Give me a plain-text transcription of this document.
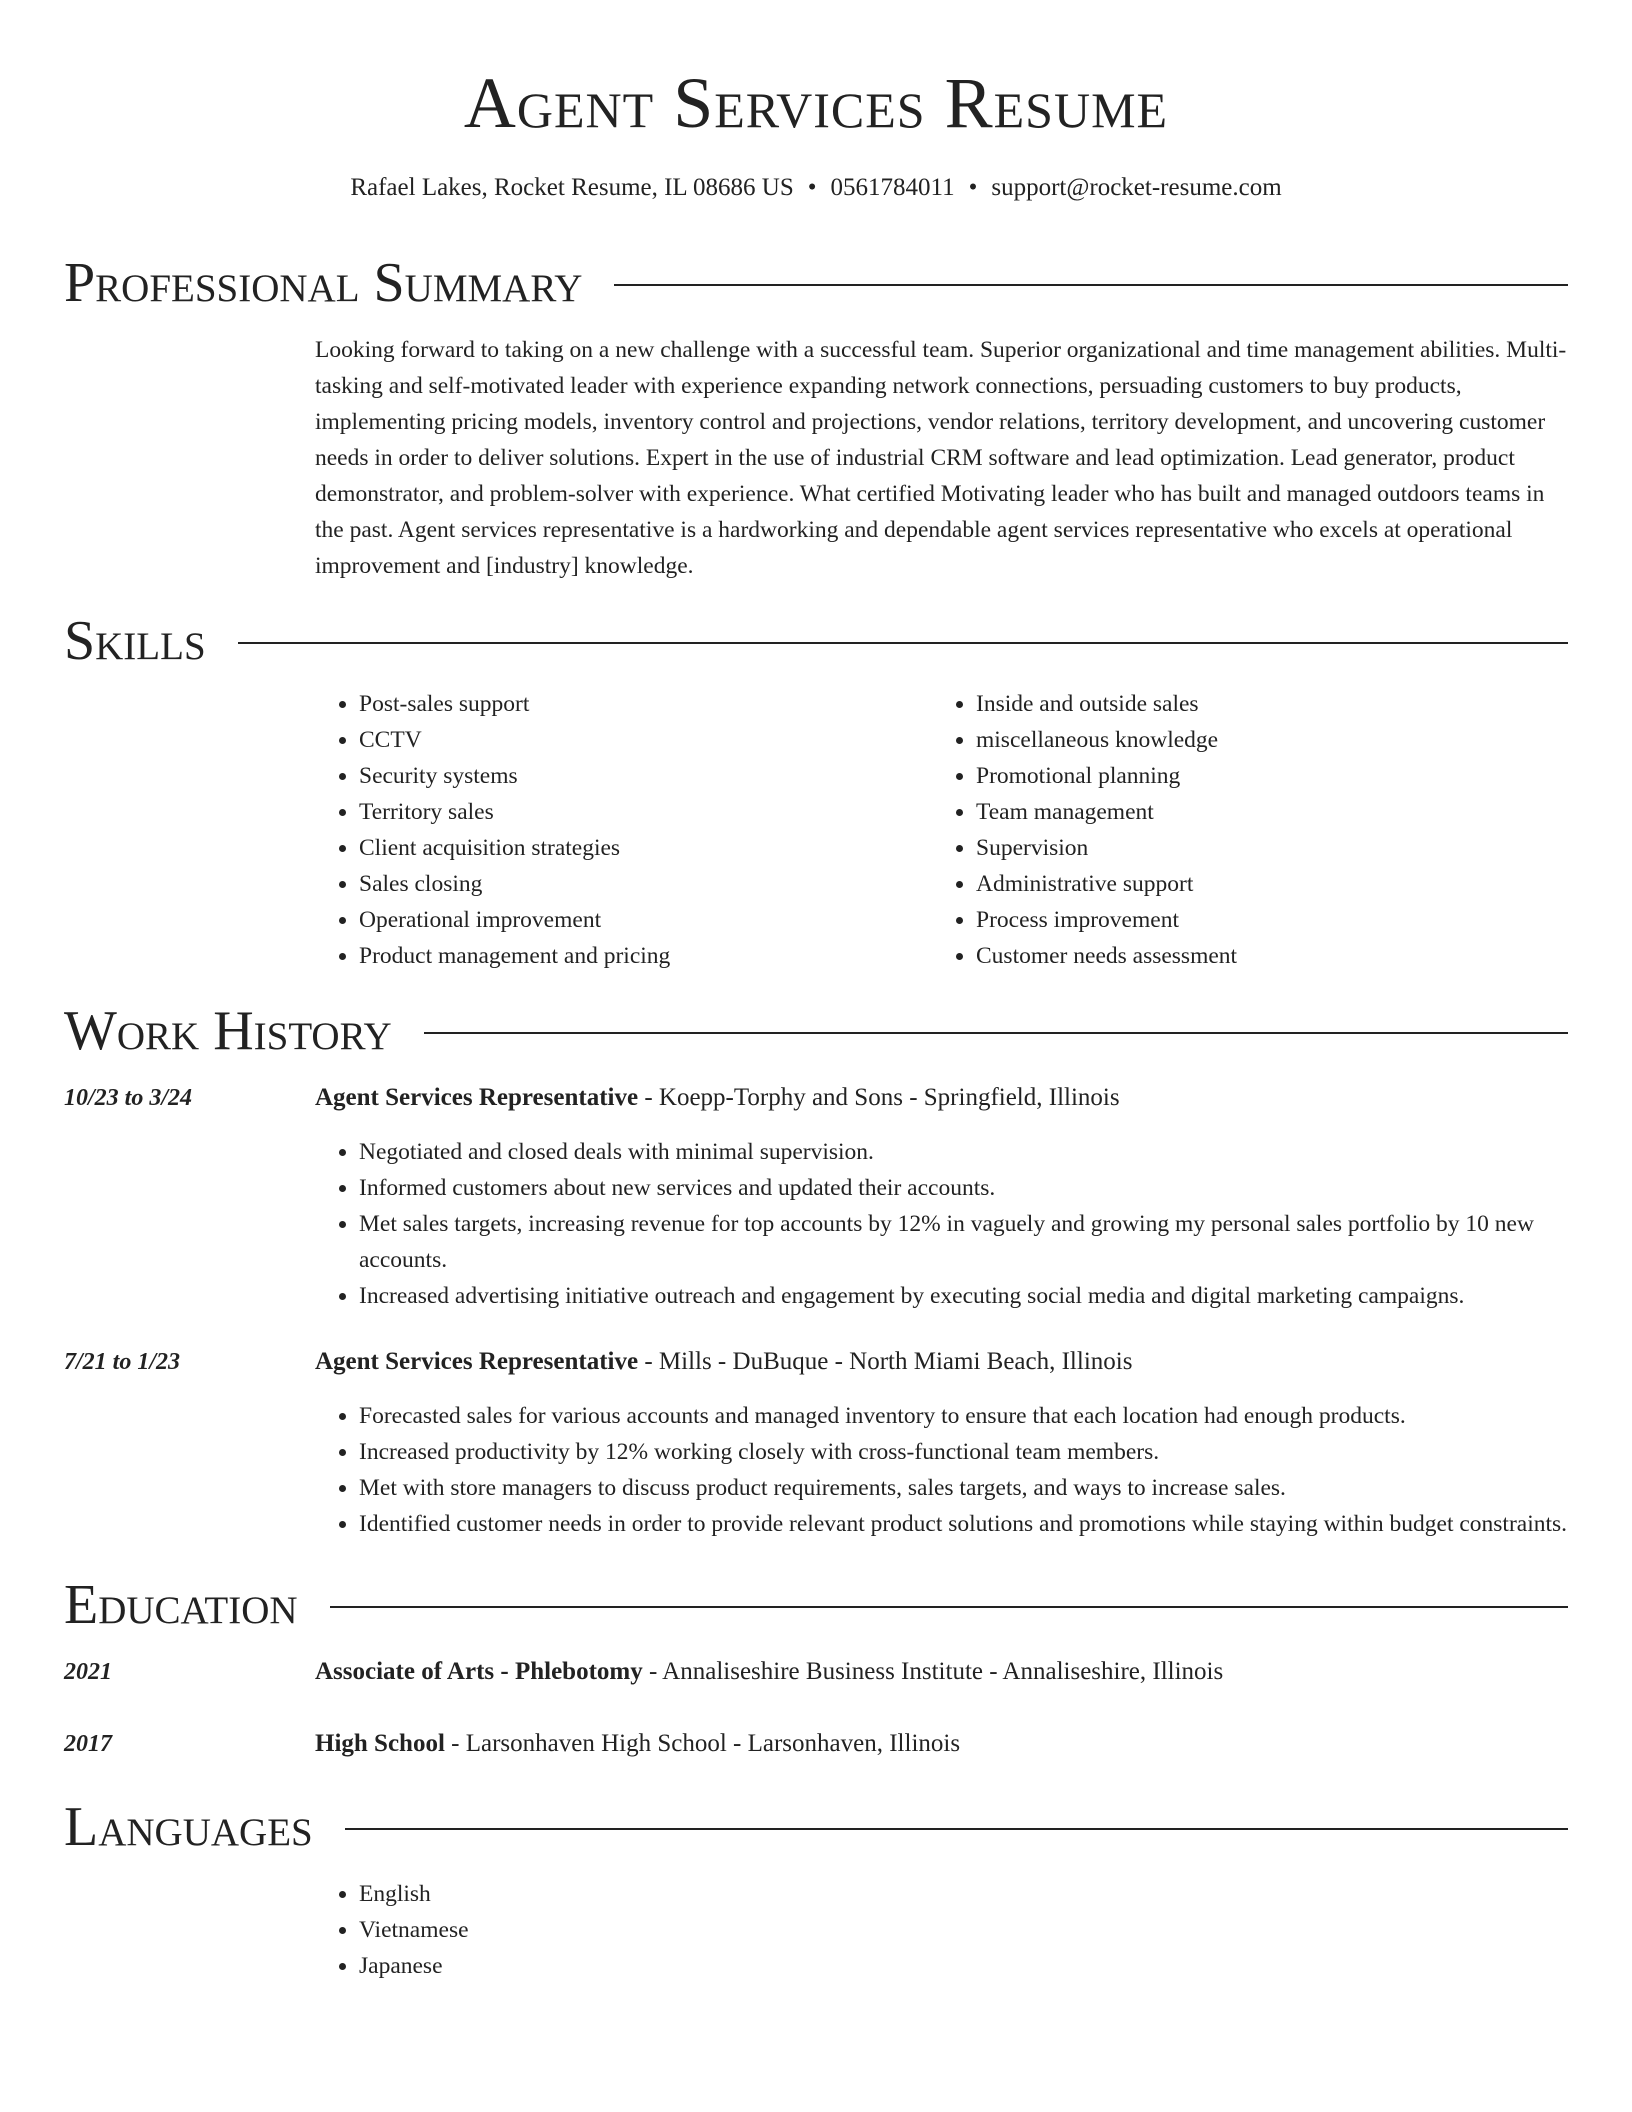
Agent Services Resume
Rafael Lakes, Rocket Resume, IL 08686 US • 0561784011 • support@rocket-resume.com
Professional Summary

Looking forward to taking on a new challenge with a successful team. Superior organizational and time management abilities. Multi-tasking and self-motivated leader with experience expanding network connections, persuading customers to buy products, implementing pricing models, inventory control and projections, vendor relations, territory development, and uncovering customer needs in order to deliver solutions. Expert in the use of industrial CRM software and lead optimization. Lead generator, product demonstrator, and problem-solver with experience. What certified Motivating leader who has built and managed outdoors teams in the past. Agent services representative is a hardworking and dependable agent services representative who excels at operational improvement and [industry] knowledge.

Skills
• Post-sales support
• CCTV
• Security systems
• Territory sales
• Client acquisition strategies
• Sales closing
• Operational improvement
• Product management and pricing
• Inside and outside sales
• miscellaneous knowledge
• Promotional planning
• Team management
• Supervision
• Administrative support
• Process improvement
• Customer needs assessment
Work History
10/23 to 3/24	Agent Services Representative - Koepp-Torphy and Sons - Springfield, Illinois
• Negotiated and closed deals with minimal supervision.
• Informed customers about new services and updated their accounts.
• Met sales targets, increasing revenue for top accounts by 12% in vaguely and growing my personal sales portfolio by 10 new accounts.
• Increased advertising initiative outreach and engagement by executing social media and digital marketing campaigns.
7/21 to 1/23	Agent Services Representative - Mills - DuBuque - North Miami Beach, Illinois
• Forecasted sales for various accounts and managed inventory to ensure that each location had enough products.
• Increased productivity by 12% working closely with cross-functional team members.
• Met with store managers to discuss product requirements, sales targets, and ways to increase sales.
• Identified customer needs in order to provide relevant product solutions and promotions while staying within budget constraints.
Education
2021	Associate of Arts - Phlebotomy - Annaliseshire Business Institute - Annaliseshire, Illinois
2017	High School - Larsonhaven High School - Larsonhaven, Illinois
Languages
• English
• Vietnamese
• Japanese
